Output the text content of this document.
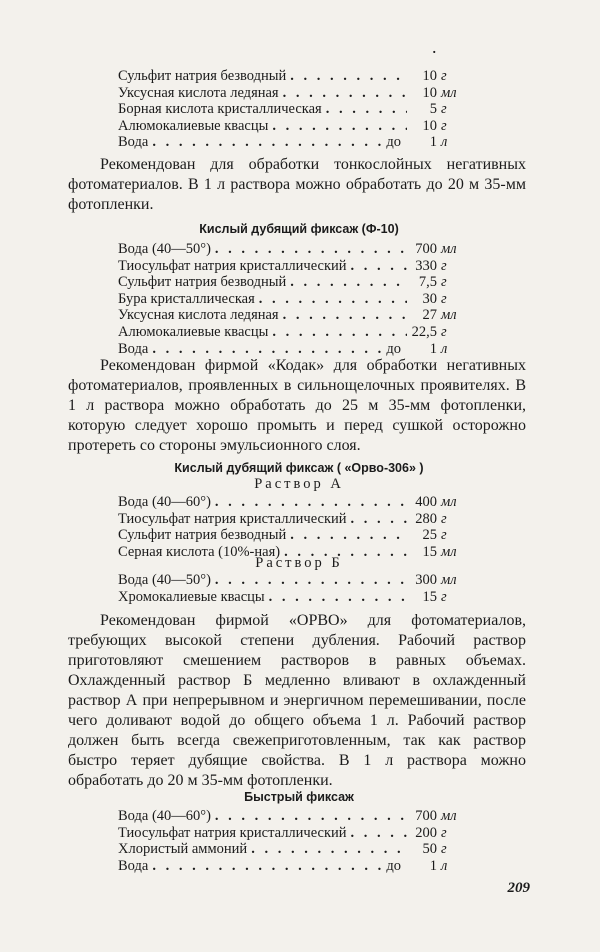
.
Сульфит натрия безводный . . .	10 г
Уксусная кислота ледяная . . .	10 мл
Борная кислота кристаллическая . . .	5 г
Алюмокалиевые квасцы . . .	10 г
Вода . . .	до	1 л

Рекомендован для обработки тонкослойных негативных фотоматериалов. В 1 л раствора можно обработать до 20 м 35-мм фотопленки.

Кислый дубящий фиксаж (Ф-10)
Вода (40—50°) . . .	700 мл
Тиосульфат натрия кристаллический . . .	330 г
Сульфит натрия безводный . . .	7,5 г
Бура кристаллическая . . .	30 г
Уксусная кислота ледяная . . .	27 мл
Алюмокалиевые квасцы . . .	22,5 г
Вода . . .	до	1 л

Рекомендован фирмой «Кодак» для обработки негативных фотоматериалов, проявленных в сильнощелочных проявителях. В 1 л раствора можно обработать до 25 м 35-мм фотопленки, которую следует хорошо промыть и перед сушкой осторожно протереть со стороны эмульсионного слоя.

Кислый дубящий фиксаж ( «Орво-306» )
Раствор А
Вода (40—60°) . . .	400 мл
Тиосульфат натрия кристаллический . . .	280 г
Сульфит натрия безводный . . .	25 г
Серная кислота (10%-ная) . . .	15 мл
Раствор Б
Вода (40—50°) . . .	300 мл
Хромокалиевые квасцы . . .	15 г

Рекомендован фирмой «ОРВО» для фотоматериалов, требующих высокой степени дубления. Рабочий раствор приготовляют смешением растворов в равных объемах. Охлажденный раствор Б медленно вливают в охлажденный раствор А при непрерывном и энергичном перемешивании, после чего доливают водой до общего объема 1 л. Рабочий раствор должен быть всегда свежеприготовленным, так как раствор быстро теряет дубящие свойства. В 1 л раствора можно обработать до 20 м 35-мм фотопленки.

Быстрый фиксаж
Вода (40—60°) . . .	700 мл
Тиосульфат натрия кристаллический . . .	200 г
Хлористый аммоний . . .	50 г
Вода . . .	до	1 л
209
